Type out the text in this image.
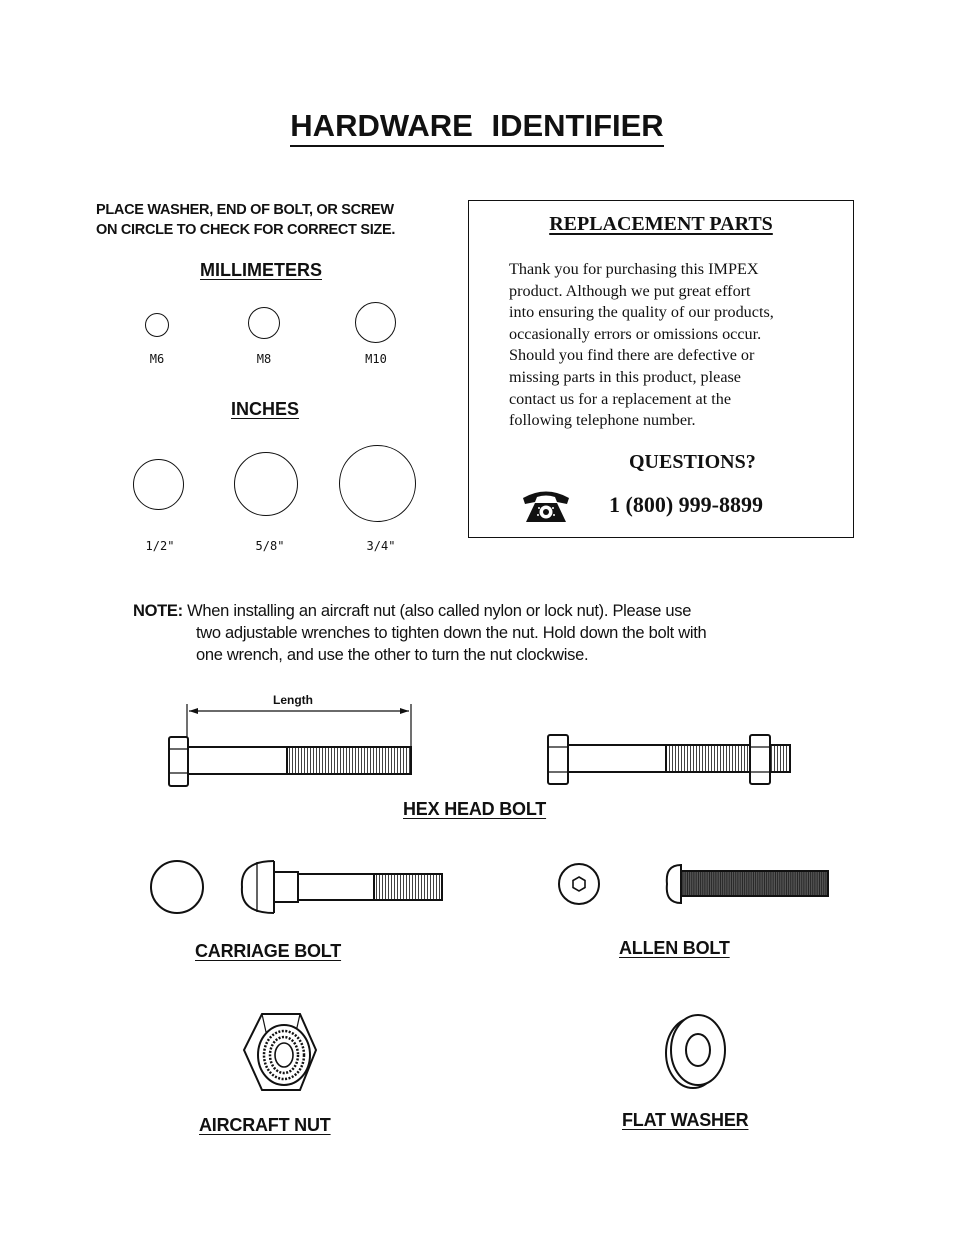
HARDWARE IDENTIFIER
PLACE WASHER, END OF BOLT, OR SCREW
ON CIRCLE TO CHECK FOR CORRECT SIZE.
MILLIMETERS
M6	M8	M10
INCHES
1/2"	5/8"	3/4"
REPLACEMENT PARTS
Thank you for purchasing this IMPEX
product. Although we put great effort
into ensuring the quality of our products,
occasionally errors or omissions occur.
Should you find there are defective or
missing parts in this product, please
contact us for a replacement at the
following telephone number.
QUESTIONS?
1 (800) 999-8899
NOTE: When installing an aircraft nut (also called nylon or lock nut). Please use
two adjustable wrenches to tighten down the nut. Hold down the bolt with
one wrench, and use the other to turn the nut clockwise.
Length
HEX HEAD BOLT
CARRIAGE BOLT	ALLEN BOLT
AIRCRAFT NUT	FLAT WASHER
